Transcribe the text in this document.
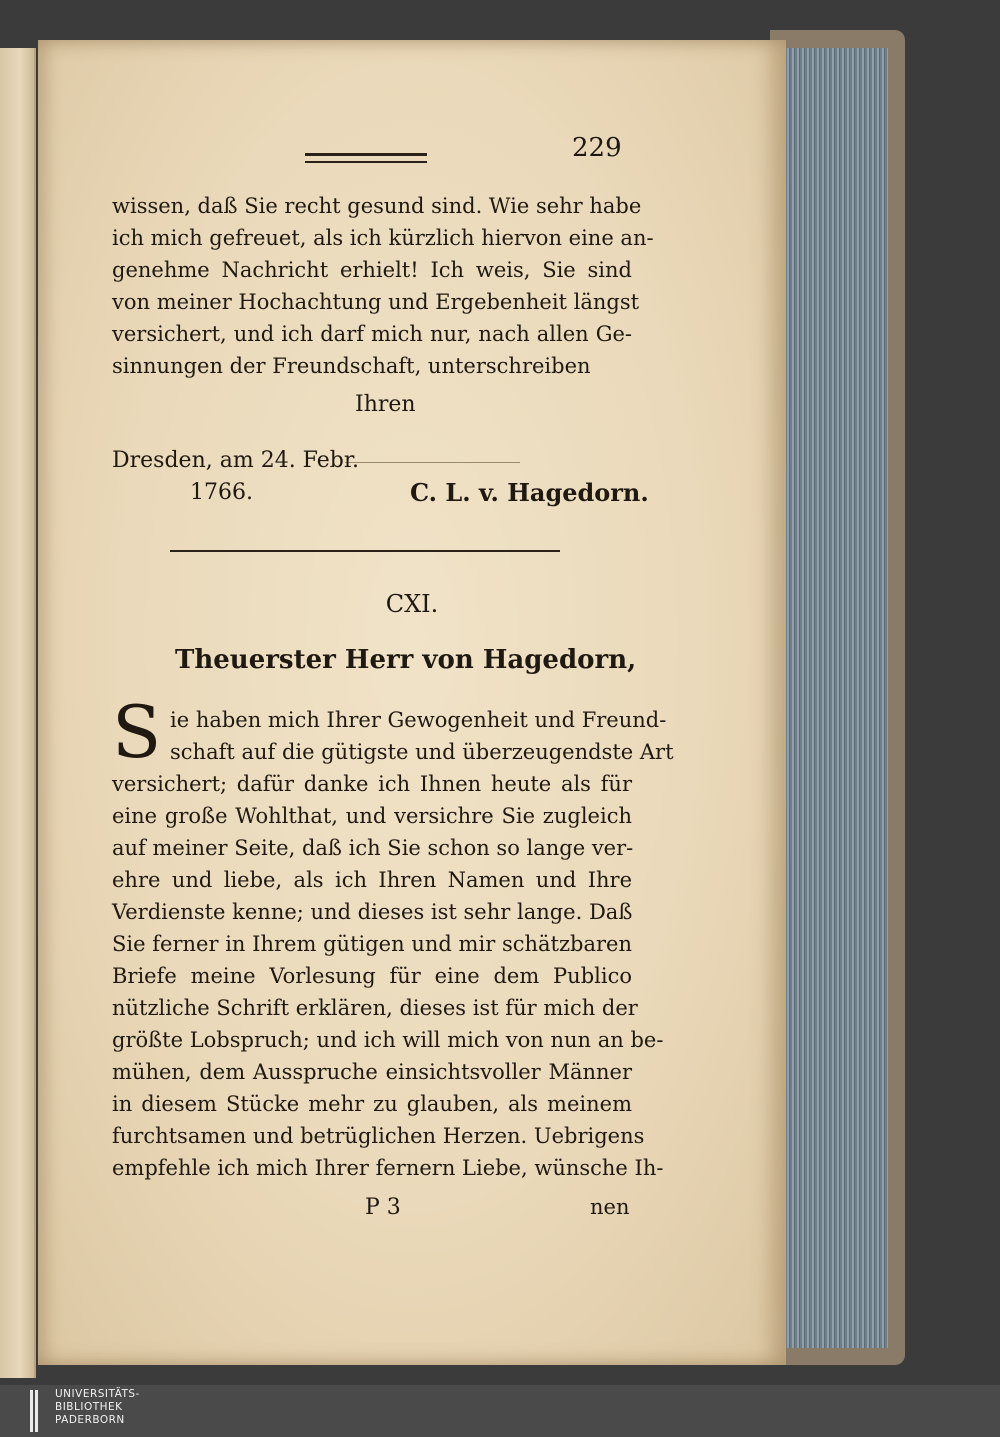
229
wissen, daß Sie recht gesund sind. Wie sehr habe
ich mich gefreuet, als ich kürzlich hiervon eine an-
genehme Nachricht erhielt! Ich weis, Sie sind
von meiner Hochachtung und Ergebenheit längst
versichert, und ich darf mich nur, nach allen Ge-
sinnungen der Freundschaft, unterschreiben
Ihren
Dresden, am 24. Febr.
1766.	C. L. v. Hagedorn.
CXI.
Theuerster Herr von Hagedorn,
S ie haben mich Ihrer Gewogenheit und Freund-
schaft auf die gütigste und überzeugendste Art
versichert; dafür danke ich Ihnen heute als für
eine große Wohlthat, und versichre Sie zugleich
auf meiner Seite, daß ich Sie schon so lange ver-
ehre und liebe, als ich Ihren Namen und Ihre
Verdienste kenne; und dieses ist sehr lange. Daß
Sie ferner in Ihrem gütigen und mir schätzbaren
Briefe meine Vorlesung für eine dem Publico
nützliche Schrift erklären, dieses ist für mich der
größte Lobspruch; und ich will mich von nun an be-
mühen, dem Ausspruche einsichtsvoller Männer
in diesem Stücke mehr zu glauben, als meinem
furchtsamen und betrüglichen Herzen. Uebrigens
empfehle ich mich Ihrer fernern Liebe, wünsche Ih-
P 3	nen
UNIVERSITÄTS-
BIBLIOTHEK
PADERBORN
